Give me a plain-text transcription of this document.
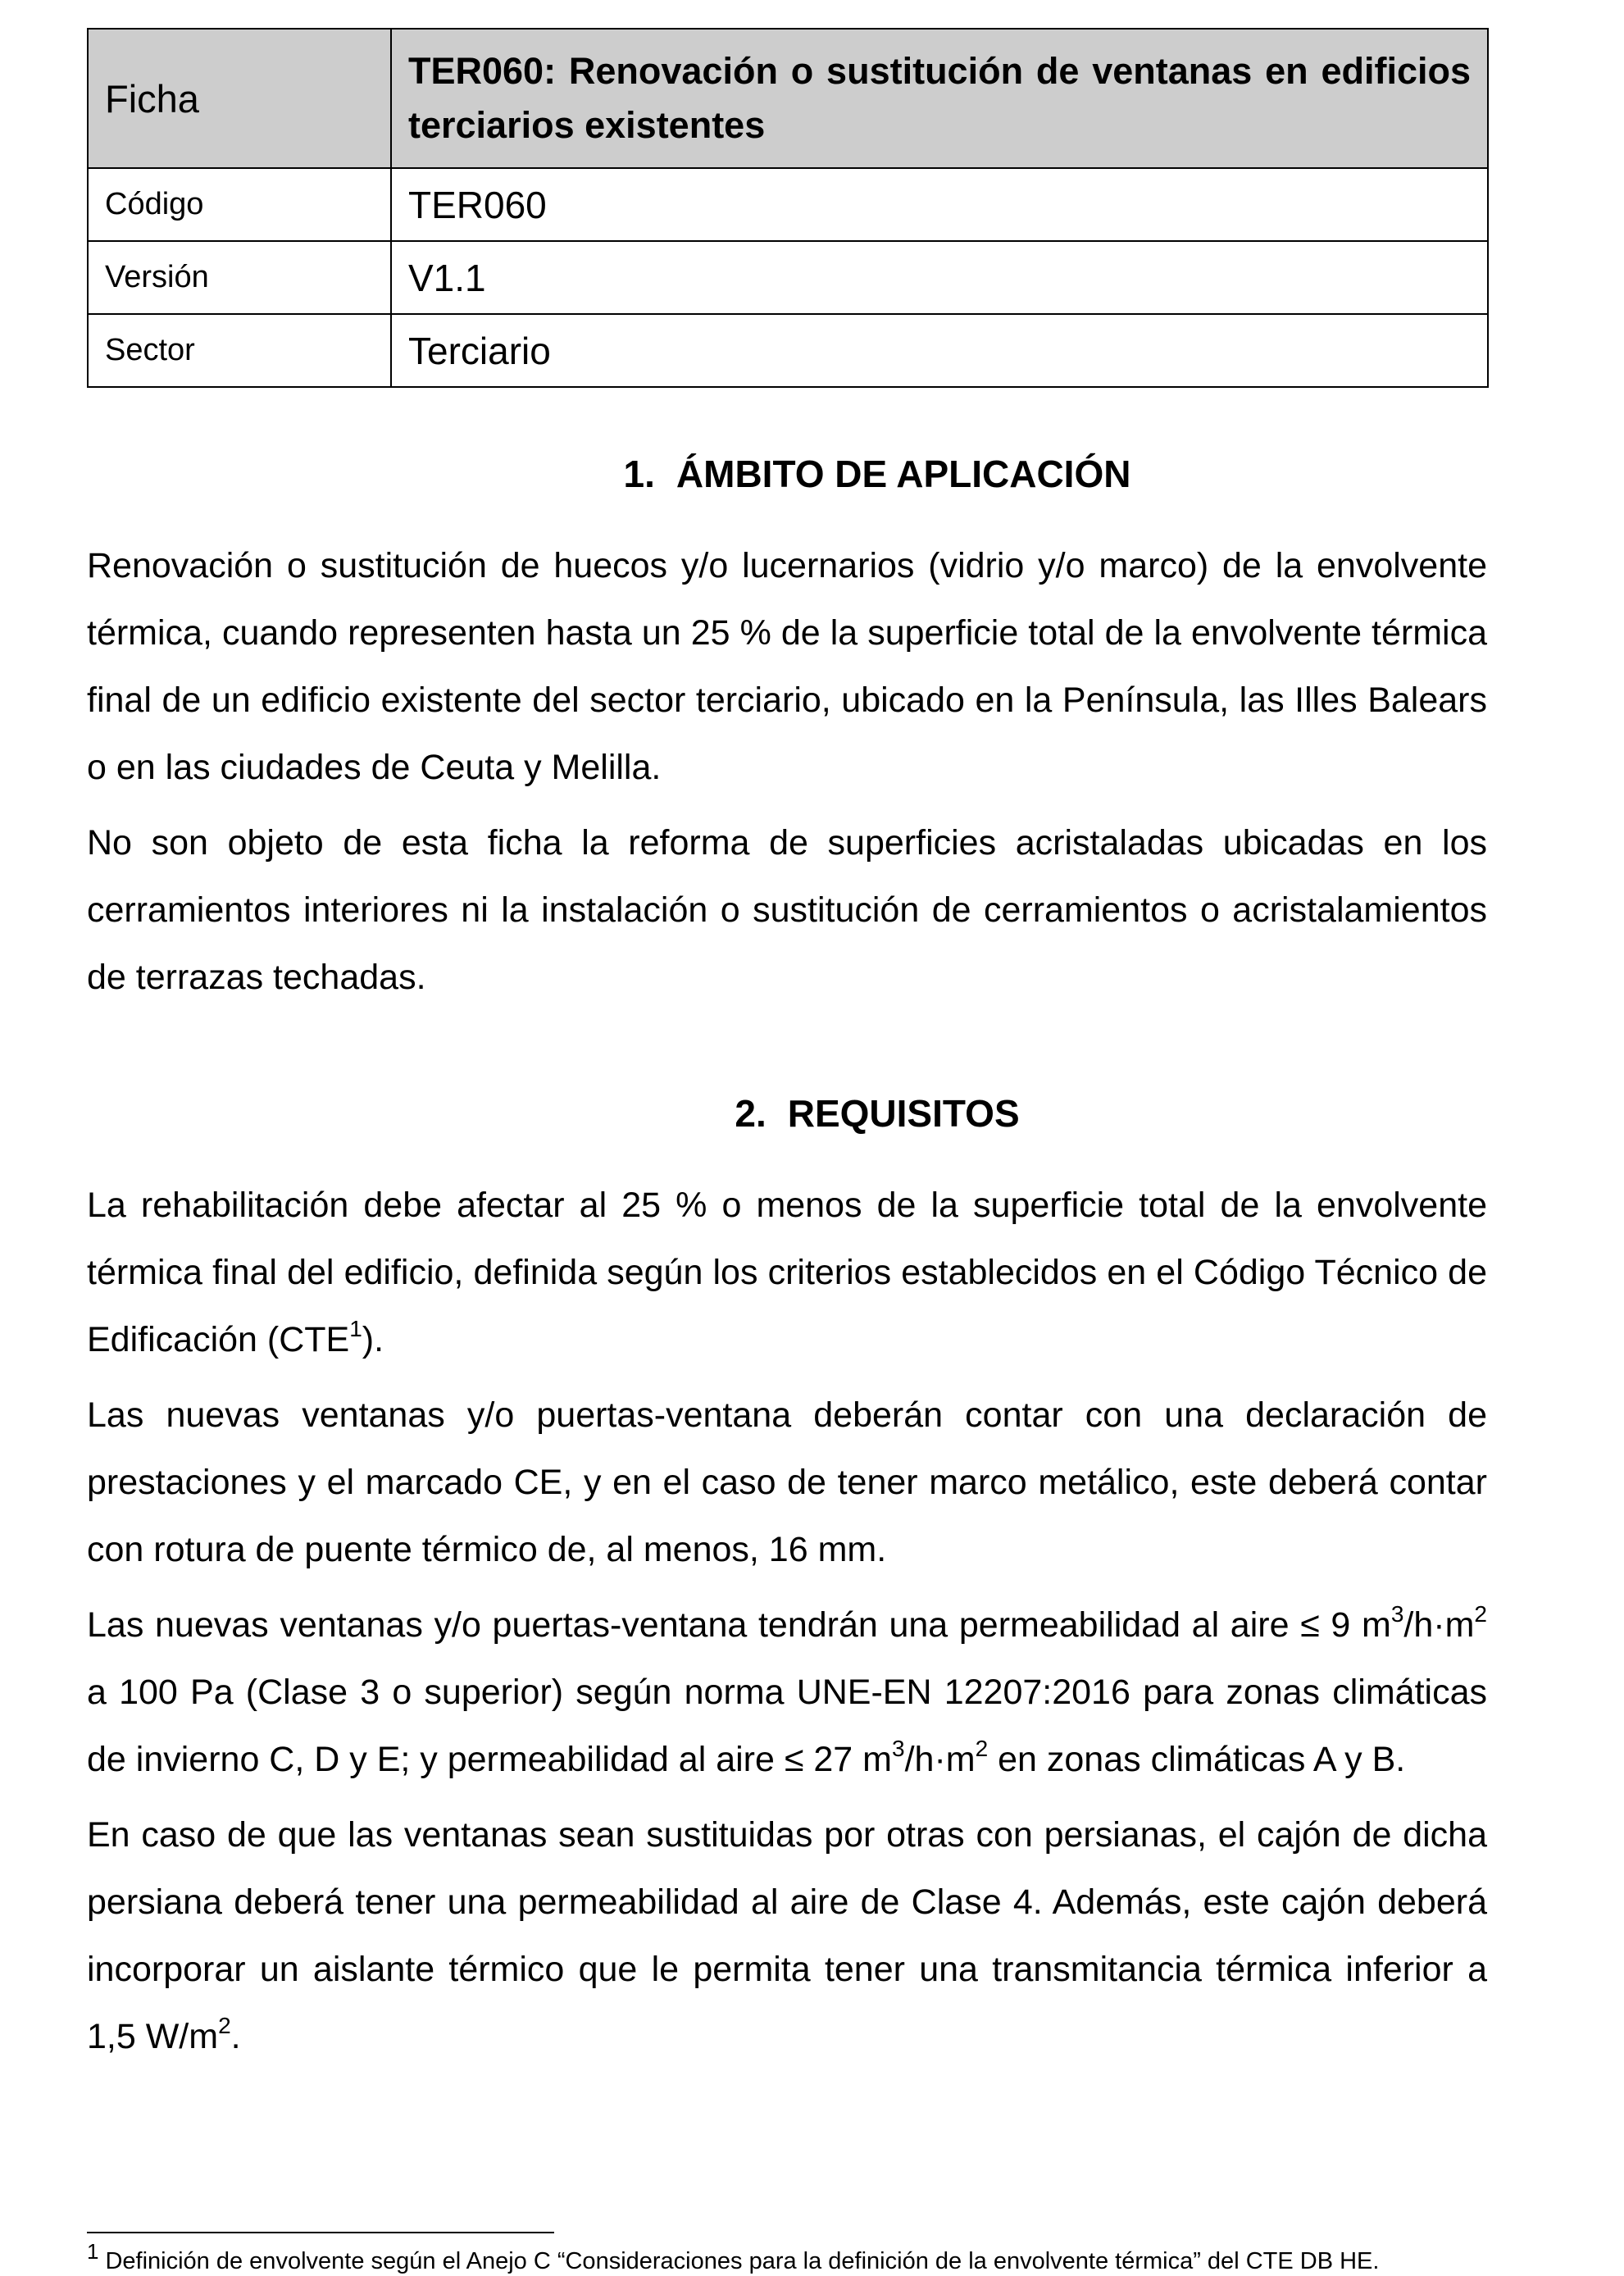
Ficha	TER060: Renovación o sustitución de ventanas en edificios terciarios existentes
Código	TER060
Versión	V1.1
Sector	Terciario
1. ÁMBITO DE APLICACIÓN

Renovación o sustitución de huecos y/o lucernarios (vidrio y/o marco) de la envolvente térmica, cuando representen hasta un 25 % de la superficie total de la envolvente térmica final de un edificio existente del sector terciario, ubicado en la Península, las Illes Balears o en las ciudades de Ceuta y Melilla.

No son objeto de esta ficha la reforma de superficies acristaladas ubicadas en los cerramientos interiores ni la instalación o sustitución de cerramientos o acristalamientos de terrazas techadas.

2. REQUISITOS

La rehabilitación debe afectar al 25 % o menos de la superficie total de la envolvente térmica final del edificio, definida según los criterios establecidos en el Código Técnico de Edificación (CTE$^1$).

Las nuevas ventanas y/o puertas-ventana deberán contar con una declaración de prestaciones y el marcado CE, y en el caso de tener marco metálico, este deberá contar con rotura de puente térmico de, al menos, 16 mm.

Las nuevas ventanas y/o puertas-ventana tendrán una permeabilidad al aire ≤ 9 $m^3/h\cdot m^2$ a 100 Pa (Clase 3 o superior) según norma UNE-EN 12207:2016 para zonas climáticas de invierno C, D y E; y permeabilidad al aire ≤ 27 $m^3/h\cdot m^2$ en zonas climáticas A y B.

En caso de que las ventanas sean sustituidas por otras con persianas, el cajón de dicha persiana deberá tener una permeabilidad al aire de Clase 4. Además, este cajón deberá incorporar un aislante térmico que le permita tener una transmitancia térmica inferior a 1,5 $W/m^2$.

$^1$ Definición de envolvente según el Anejo C “Consideraciones para la definición de la envolvente térmica” del CTE DB HE.
